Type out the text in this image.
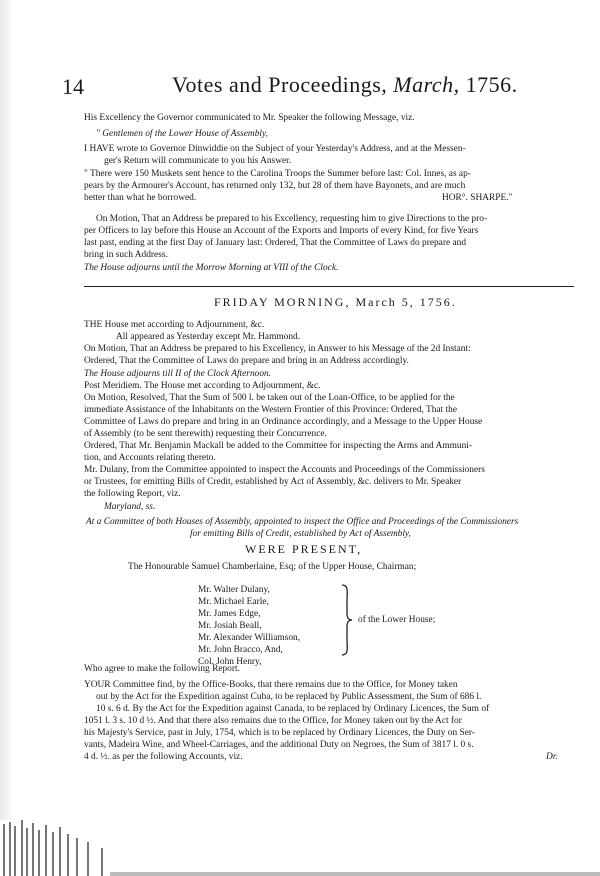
14	Votes and Proceedings, March, 1756.
His Excellency the Governor communicated to Mr. Speaker the following Message, viz.
" Gentlemen of the Lower House of Assembly,
I HAVE wrote to Governor Dinwiddie on the Subject of your Yesterday's Address, and at the Messen-
ger's Return will communicate to you his Answer.
" There were 150 Muskets sent hence to the Carolina Troops the Summer before last: Col. Innes, as ap-
pears by the Armourer's Account, has returned only 132, but 28 of them have Bayonets, and are much
better than what he borrowed.	HOR°. SHARPE."
On Motion, That an Address be prepared to his Excellency, requesting him to give Directions to the pro-
per Officers to lay before this House an Account of the Exports and Imports of every Kind, for five Years
last past, ending at the first Day of January last: Ordered, That the Committee of Laws do prepare and
bring in such Address.
The House adjourns until the Morrow Morning at VIII of the Clock.
FRIDAY MORNING, March 5, 1756.
THE House met according to Adjournment, &c.
All appeared as Yesterday except Mr. Hammond.
On Motion, That an Address be prepared to his Excellency, in Answer to his Message of the 2d Instant:
Ordered, That the Committee of Laws do prepare and bring in an Address accordingly.
The House adjourns till II of the Clock Afternoon.
Post Meridiem. The House met according to Adjournment, &c.
On Motion, Resolved, That the Sum of 500 l. be taken out of the Loan-Office, to be applied for the
immediate Assistance of the Inhabitants on the Western Frontier of this Province: Ordered, That the
Committee of Laws do prepare and bring in an Ordinance accordingly, and a Message to the Upper House
of Assembly (to be sent therewith) requesting their Concurrence.
Ordered, That Mr. Benjamin Mackall be added to the Committee for inspecting the Arms and Ammuni-
tion, and Accounts relating thereto.
Mr. Dulany, from the Committee appointed to inspect the Accounts and Proceedings of the Commissioners
or Trustees, for emitting Bills of Credit, established by Act of Assembly, &c. delivers to Mr. Speaker
the following Report, viz.
Maryland, ss.
At a Committee of both Houses of Assembly, appointed to inspect the Office and Proceedings of the Commissioners
for emitting Bills of Credit, established by Act of Assembly,
WERE PRESENT,
The Honourable Samuel Chamberlaine, Esq; of the Upper House, Chairman;
Mr. Walter Dulany,
Mr. Michael Earle,
Mr. James Edge,
Mr. Josiah Beall,
Mr. Alexander Williamson,
Mr. John Bracco, And,
Col. John Henry,
of the Lower House;
Who agree to make the following Report.
YOUR Committee find, by the Office-Books, that there remains due to the Office, for Money taken
out by the Act for the Expedition against Cuba, to be replaced by Public Assessment, the Sum of 686 l.
10 s. 6 d. By the Act for the Expedition against Canada, to be replaced by Ordinary Licences, the Sum of
1051 l. 3 s. 10 d ½. And that there also remains due to the Office, for Money taken out by the Act for
his Majesty's Service, past in July, 1754, which is to be replaced by Ordinary Licences, the Duty on Ser-
vants, Madeira Wine, and Wheel-Carriages, and the additional Duty on Negroes, the Sum of 3817 l. 0 s.
4 d. ½. as per the following Accounts, viz.	Dr.
